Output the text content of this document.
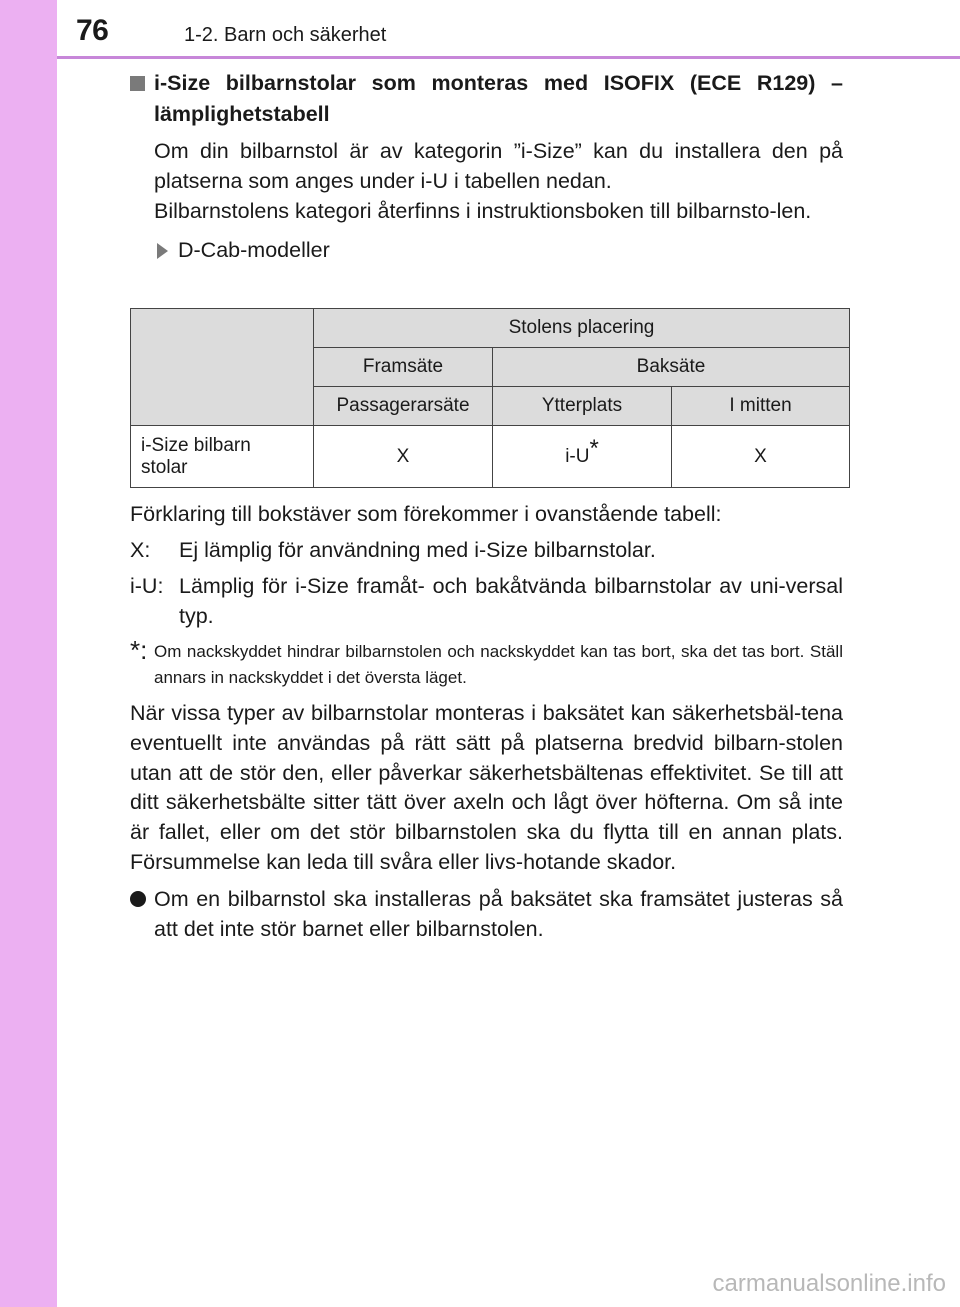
76	1-2. Barn och säkerhet
i-Size bilbarnstolar som monteras med ISOFIX (ECE R129) – lämplighetstabell

Om din bilbarnstol är av kategorin ”i-Size” kan du installera den på platserna som anges under i-U i tabellen nedan.

Bilbarnstolens kategori återfinns i instruktionsboken till bilbarnsto-len.

D-Cab-modeller
	Stolens placering		
	Framsäte	Baksäte	
	Passagerarsäte	Ytterplats	I mitten
i-Size bilbarn
stolar	X	i-U*	X

Förklaring till bokstäver som förekommer i ovanstående tabell:

X: Ej lämplig för användning med i-Size bilbarnstolar.
i-U: Lämplig för i-Size framåt- och bakåtvända bilbarnstolar av uni-versal typ.
*: Om nackskyddet hindrar bilbarnstolen och nackskyddet kan tas bort, ska det tas bort. Ställ annars in nackskyddet i det översta läget.

När vissa typer av bilbarnstolar monteras i baksätet kan säkerhetsbäl-tena eventuellt inte användas på rätt sätt på platserna bredvid bilbarn-stolen utan att de stör den, eller påverkar säkerhetsbältenas effektivitet. Se till att ditt säkerhetsbälte sitter tätt över axeln och lågt över höfterna. Om så inte är fallet, eller om det stör bilbarnstolen ska du flytta till en annan plats. Försummelse kan leda till svåra eller livs-hotande skador.

Om en bilbarnstol ska installeras på baksätet ska framsätet justeras så att det inte stör barnet eller bilbarnstolen.
carmanualsonline.info
